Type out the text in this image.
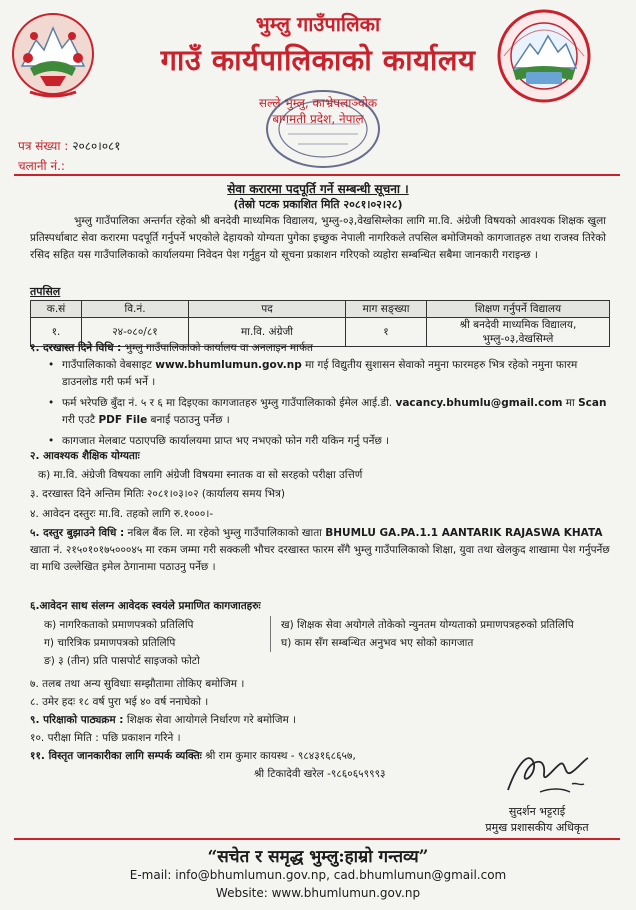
भुम्लु गाउँपालिका
गाउँ कार्यपालिकाको कार्यालय
सल्ले भुम्लु, काभ्रेपलाञ्चोक
बागमती प्रदेश, नेपाल
पत्र संख्या : २०८०।०८१
चलानी नं.:
सेवा करारमा पदपूर्ति गर्ने सम्बन्धी सूचना ।
(तेस्रो पटक प्रकाशित मिति २०८१।०२।२८)
भुम्लु गाउँपालिका अन्तर्गत रहेको श्री बनदेवी माध्यमिक विद्यालय, भुम्लु-०३,वेखसिम्लेका लागि मा.वि. अंग्रेजी विषयको आवश्यक शिक्षक खुला प्रतिस्पर्धाबाट सेवा करारमा पदपूर्ति गर्नुपर्ने भएकोले देहायको योग्यता पुगेका इच्छुक नेपाली नागरिकले तपसिल बमोजिमको कागजातहरु तथा राजस्व तिरेको रसिद सहित यस गाउँपालिकाको कार्यालयमा निवेदन पेश गर्नुहुन यो सूचना प्रकाशन गरिएको व्यहोरा सम्बन्धित सबैमा जानकारी गराइन्छ ।
तपसिल
क.सं	वि.नं.	पद	माग सङ्ख्या	शिक्षण गर्नुपर्ने विद्यालय
१.	२४-०८०/८१	मा.वि. अंग्रेजी	१	श्री बनदेवी माध्यमिक विद्यालय, भुम्लु-०३,वेखसिम्ले
१. दरखास्त दिने विधि : भुम्लु गाउँपालिकाको कार्यालय वा अनलाइन मार्फत
• गाउँपालिकाको वेबसाइट www.bhumlumun.gov.np मा गई विद्युतीय सुशासन सेवाको नमुना फारमहरु भित्र रहेको नमुना फारम डाउनलोड गरी फर्म भर्ने ।
• फर्म भरेपछि बुँदा नं. ५ र ६ मा दिइएका कागजातहरु भुम्लु गाउँपालिकाको ईमेल आई.डी. vacancy.bhumlu@gmail.com मा Scan गरी एउटै PDF File बनाई पठाउनु पर्नेछ ।
• कागजात मेलबाट पठाएपछि कार्यालयमा प्राप्त भए नभएको फोन गरी यकिन गर्नु पर्नेछ ।
२. आवश्यक शैक्षिक योग्यताः
क) मा.वि. अंग्रेजी विषयका लागि अंग्रेजी विषयमा स्नातक वा सो सरहको परीक्षा उत्तिर्ण
३. दरखास्त दिने अन्तिम मितिः २०८१।०३।०२ (कार्यालय समय भित्र)
४. आवेदन दस्तुरः मा.वि. तहको लागि रु.१०००।-
५. दस्तुर बुझाउने विधि : नबिल बैंक लि. मा रहेको भुम्लु गाउँपालिकाको खाता BHUMLU GA.PA.1.1 AANTARIK RAJASWA KHATA खाता नं. २१५०१०१७५०००४५ मा रकम जम्मा गरी सक्कली भौचर दरखास्त फारम सँगै भुम्लु गाउँपालिकाको शिक्षा, युवा तथा खेलकुद शाखामा पेश गर्नुपर्नेछ वा माथि उल्लेखित इमेल ठेगानामा पठाउनु पर्नेछ ।
६.आवेदन साथ संलग्न आवेदक स्वयंले प्रमाणित कागजातहरुः
क) नागरिकताको प्रमाणपत्रको प्रतिलिपि	ख) शिक्षक सेवा अयोगले तोकेको न्युनतम योग्यताको प्रमाणपत्रहरुको प्रतिलिपि
ग) चारित्रिक प्रमाणपत्रको प्रतिलिपि	घ) काम सँग सम्बन्धित अनुभव भए सोको कागजात
ङ) ३ (तीन) प्रति पासपोर्ट साइजको फोटो
७. तलब तथा अन्य सुविधाः सम्झौतामा तोकिए बमोजिम ।
८. उमेर हदः १८ वर्ष पुरा भई ४० वर्ष ननाघेको ।
९. परिक्षाको पाठ्यक्रम : शिक्षक सेवा आयोगले निर्धारण गरे बमोजिम ।
१०. परीक्षा मिति : पछि प्रकाशन गरिने ।
११. विस्तृत जानकारीका लागि सम्पर्क व्यक्तिः श्री राम कुमार कायस्थ - ९८४३१६८६५७,
श्री टिकादेवी खरेल -९८६०६५९९९३
सुदर्शन भट्टराई
प्रमुख प्रशासकीय अधिकृत
“सचेत र समृद्ध भुम्लु:हाम्रो गन्तव्य”
E-mail: info@bhumlumun.gov.np, cad.bhumlumun@gmail.com
Website: www.bhumlumun.gov.np
